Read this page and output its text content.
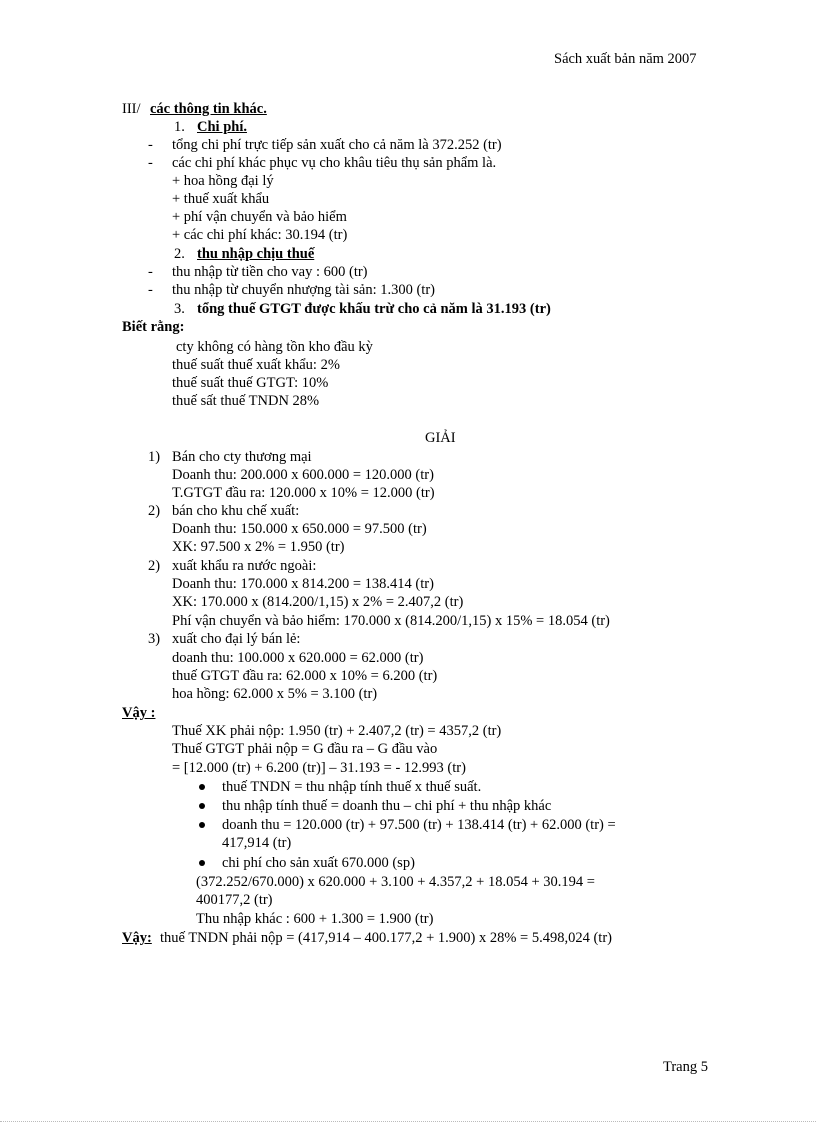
Sách xuất bản năm 2007
III/ các thông tin khác.
1. Chi phí.
- tổng chi phí trực tiếp sản xuất cho cả năm là 372.252 (tr)
- các chi phí khác phục vụ cho khâu tiêu thụ sản phẩm là.
+ hoa hồng đại lý
+ thuế xuất khẩu
+ phí vận chuyển và bảo hiểm
+ các chi phí khác: 30.194 (tr)
2. thu nhập chịu thuế
- thu nhập từ tiền cho vay : 600 (tr)
- thu nhập từ chuyển nhượng tài sản: 1.300 (tr)
3. tổng thuế GTGT được khấu trừ cho cả năm là 31.193 (tr)
Biết rằng:
cty không có hàng tồn kho đầu kỳ
thuế suất thuế xuất khẩu: 2%
thuế suất thuế GTGT: 10%
thuế sất thuế TNDN 28%
GIẢI
1) Bán cho cty thương mại
Doanh thu: 200.000 x 600.000 = 120.000 (tr)
T.GTGT đầu ra: 120.000 x 10% = 12.000 (tr)
2) bán cho khu chế xuất:
Doanh thu: 150.000 x 650.000 = 97.500 (tr)
XK: 97.500 x 2% = 1.950 (tr)
2) xuất khẩu ra nước ngoài:
Doanh thu: 170.000 x 814.200 = 138.414 (tr)
XK: 170.000 x (814.200/1,15) x 2% = 2.407,2 (tr)
Phí vận chuyển và bảo hiểm: 170.000 x (814.200/1,15) x 15% = 18.054 (tr)
3) xuất cho đại lý bán lẻ:
doanh thu: 100.000 x 620.000 = 62.000 (tr)
thuế GTGT đầu ra: 62.000 x 10% = 6.200 (tr)
hoa hồng: 62.000 x 5% = 3.100 (tr)
Vậy :
Thuế XK phải nộp: 1.950 (tr) + 2.407,2 (tr) = 4357,2 (tr)
Thuế GTGT phải nộp = G đầu ra – G đầu vào
= [12.000 (tr) + 6.200 (tr)] – 31.193 = - 12.993 (tr)
thuế TNDN = thu nhập tính thuế x thuế suất.
thu nhập tính thuế = doanh thu – chi phí + thu nhập khác
doanh thu = 120.000 (tr) + 97.500 (tr) + 138.414 (tr) + 62.000 (tr) =
417,914 (tr)
chi phí cho sản xuất 670.000 (sp)
(372.252/670.000) x 620.000 + 3.100 + 4.357,2 + 18.054 + 30.194 =
400177,2 (tr)
Thu nhập khác : 600 + 1.300 = 1.900 (tr)
Vậy: thuế TNDN phải nộp = (417,914 – 400.177,2 + 1.900) x 28% = 5.498,024 (tr)
Trang 5
